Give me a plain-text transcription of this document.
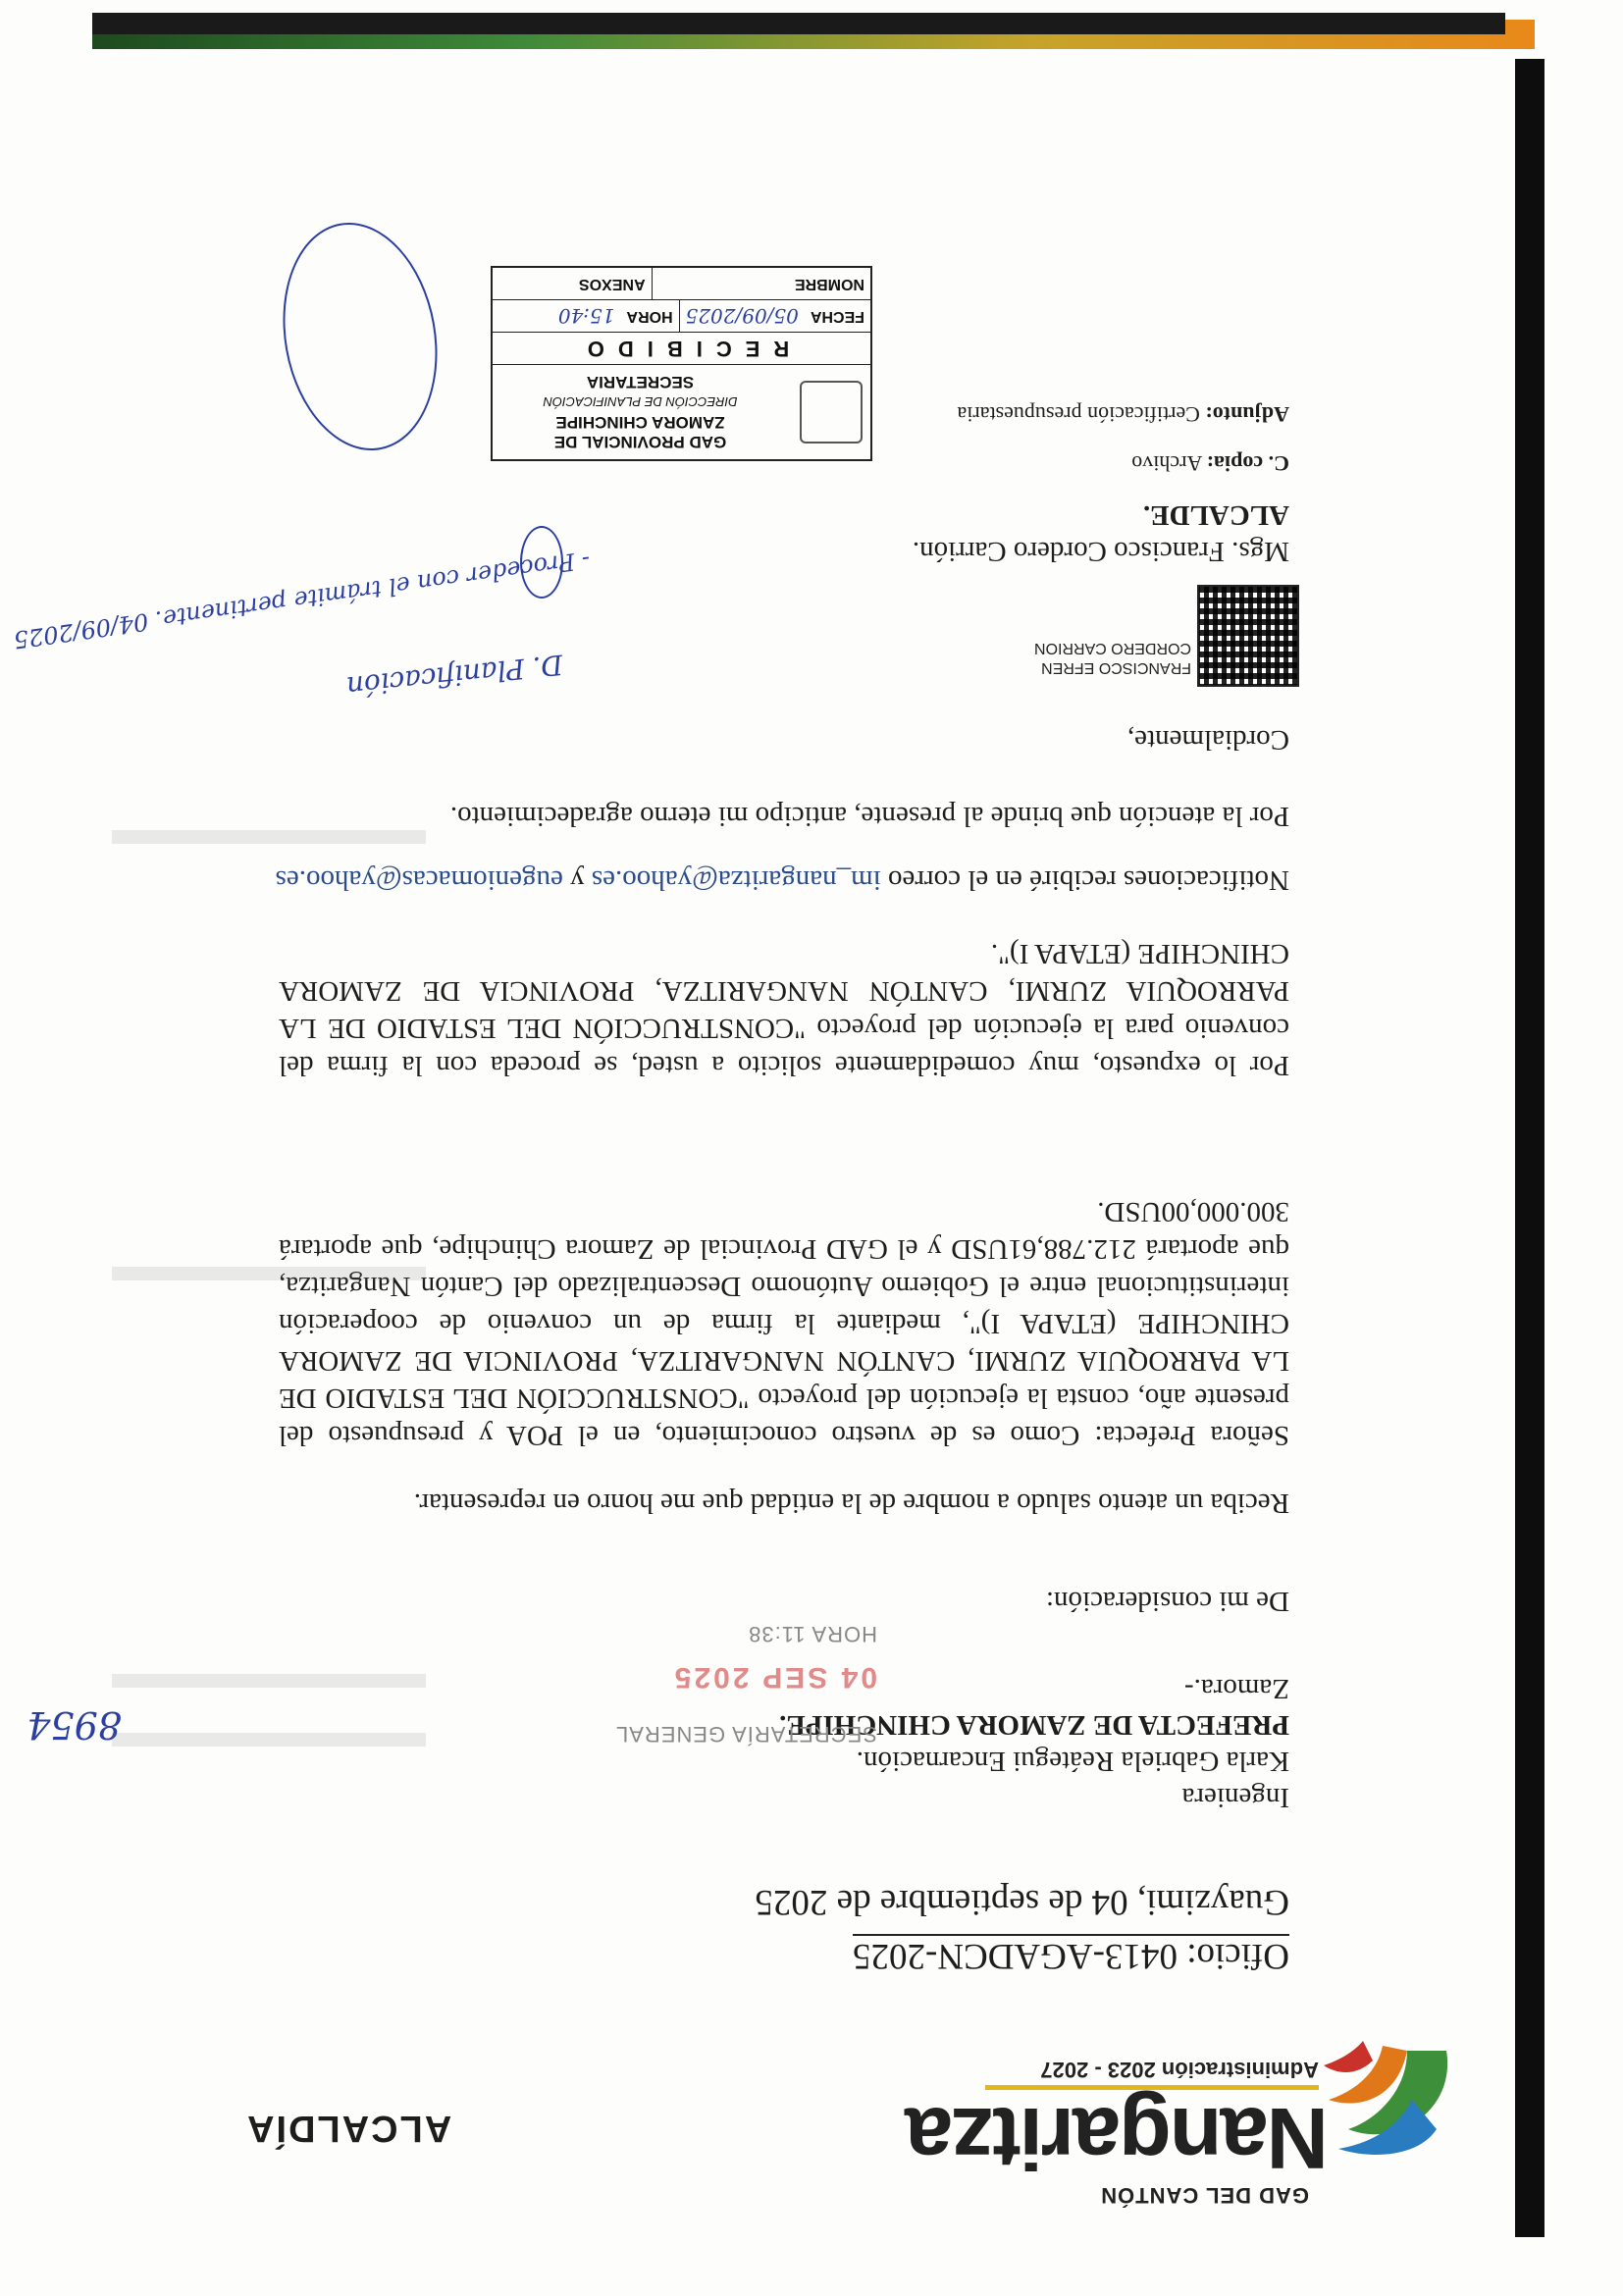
GAD DEL CANTÓN
Nangaritza
Administración 2023 - 2027
ALCALDÍA
Oficio: 0413-AGADCN-2025
Guayzimi, 04 de septiembre de 2025
Ingeniera
Karla Gabriela Reátegui Encarnación.
PREFECTA DE ZAMORA CHINCHIPE.
Zamora.-
De mi consideración:
Reciba un atento saludo a nombre de la entidad que me honro en representar.
Señora Prefecta: Como es de vuestro conocimiento, en el POA y presupuesto del presente año, consta la ejecución del proyecto "CONSTRUCCIÓN DEL ESTADIO DE LA PARROQUIA ZURMI, CANTÓN NANGARITZA, PROVINCIA DE ZAMORA CHINCHIPE (ETAPA I)", mediante la firma de un convenio de cooperación interinstitucional entre el Gobierno Autónomo Descentralizado del Cantón Nangaritza, que aportará 212.788,61USD y el GAD Provincial de Zamora Chinchipe, que aportará 300.000,00USD.
Por lo expuesto, muy comedidamente solicito a usted, se proceda con la firma del convenio para la ejecución del proyecto "CONSTRUCCIÓN DEL ESTADIO DE LA PARROQUIA ZURMI, CANTÓN NANGARITZA, PROVINCIA DE ZAMORA CHINCHIPE (ETAPA I)".
Notificaciones recibiré en el correo im_nangaritza@yahoo.es y eugeniomacas@yahoo.es
Por la atención que brinde al presente, anticipo mi eterno agradecimiento.
Cordialmente,
FRANCISCO EFREN
CORDERO CARRION
Mgs. Francisco Cordero Carrión.
ALCALDE.
C. copia: Archivo
Adjunto: Certificación presupuestaria
SECRETARÍA GENERAL
04 SEP 2025
HORA 11:38
GAD PROVINCIAL DE
ZAMORA CHINCHIPE
DIRECCIÓN DE PLANIFICACIÓN
SECRETARIA
RECIBIDO
FECHA
05/09/2025
HORA
15:40
NOMBRE
ANEXOS
8954
D. Planificación
- Proceder con el trámite pertinente. 04/09/2025
